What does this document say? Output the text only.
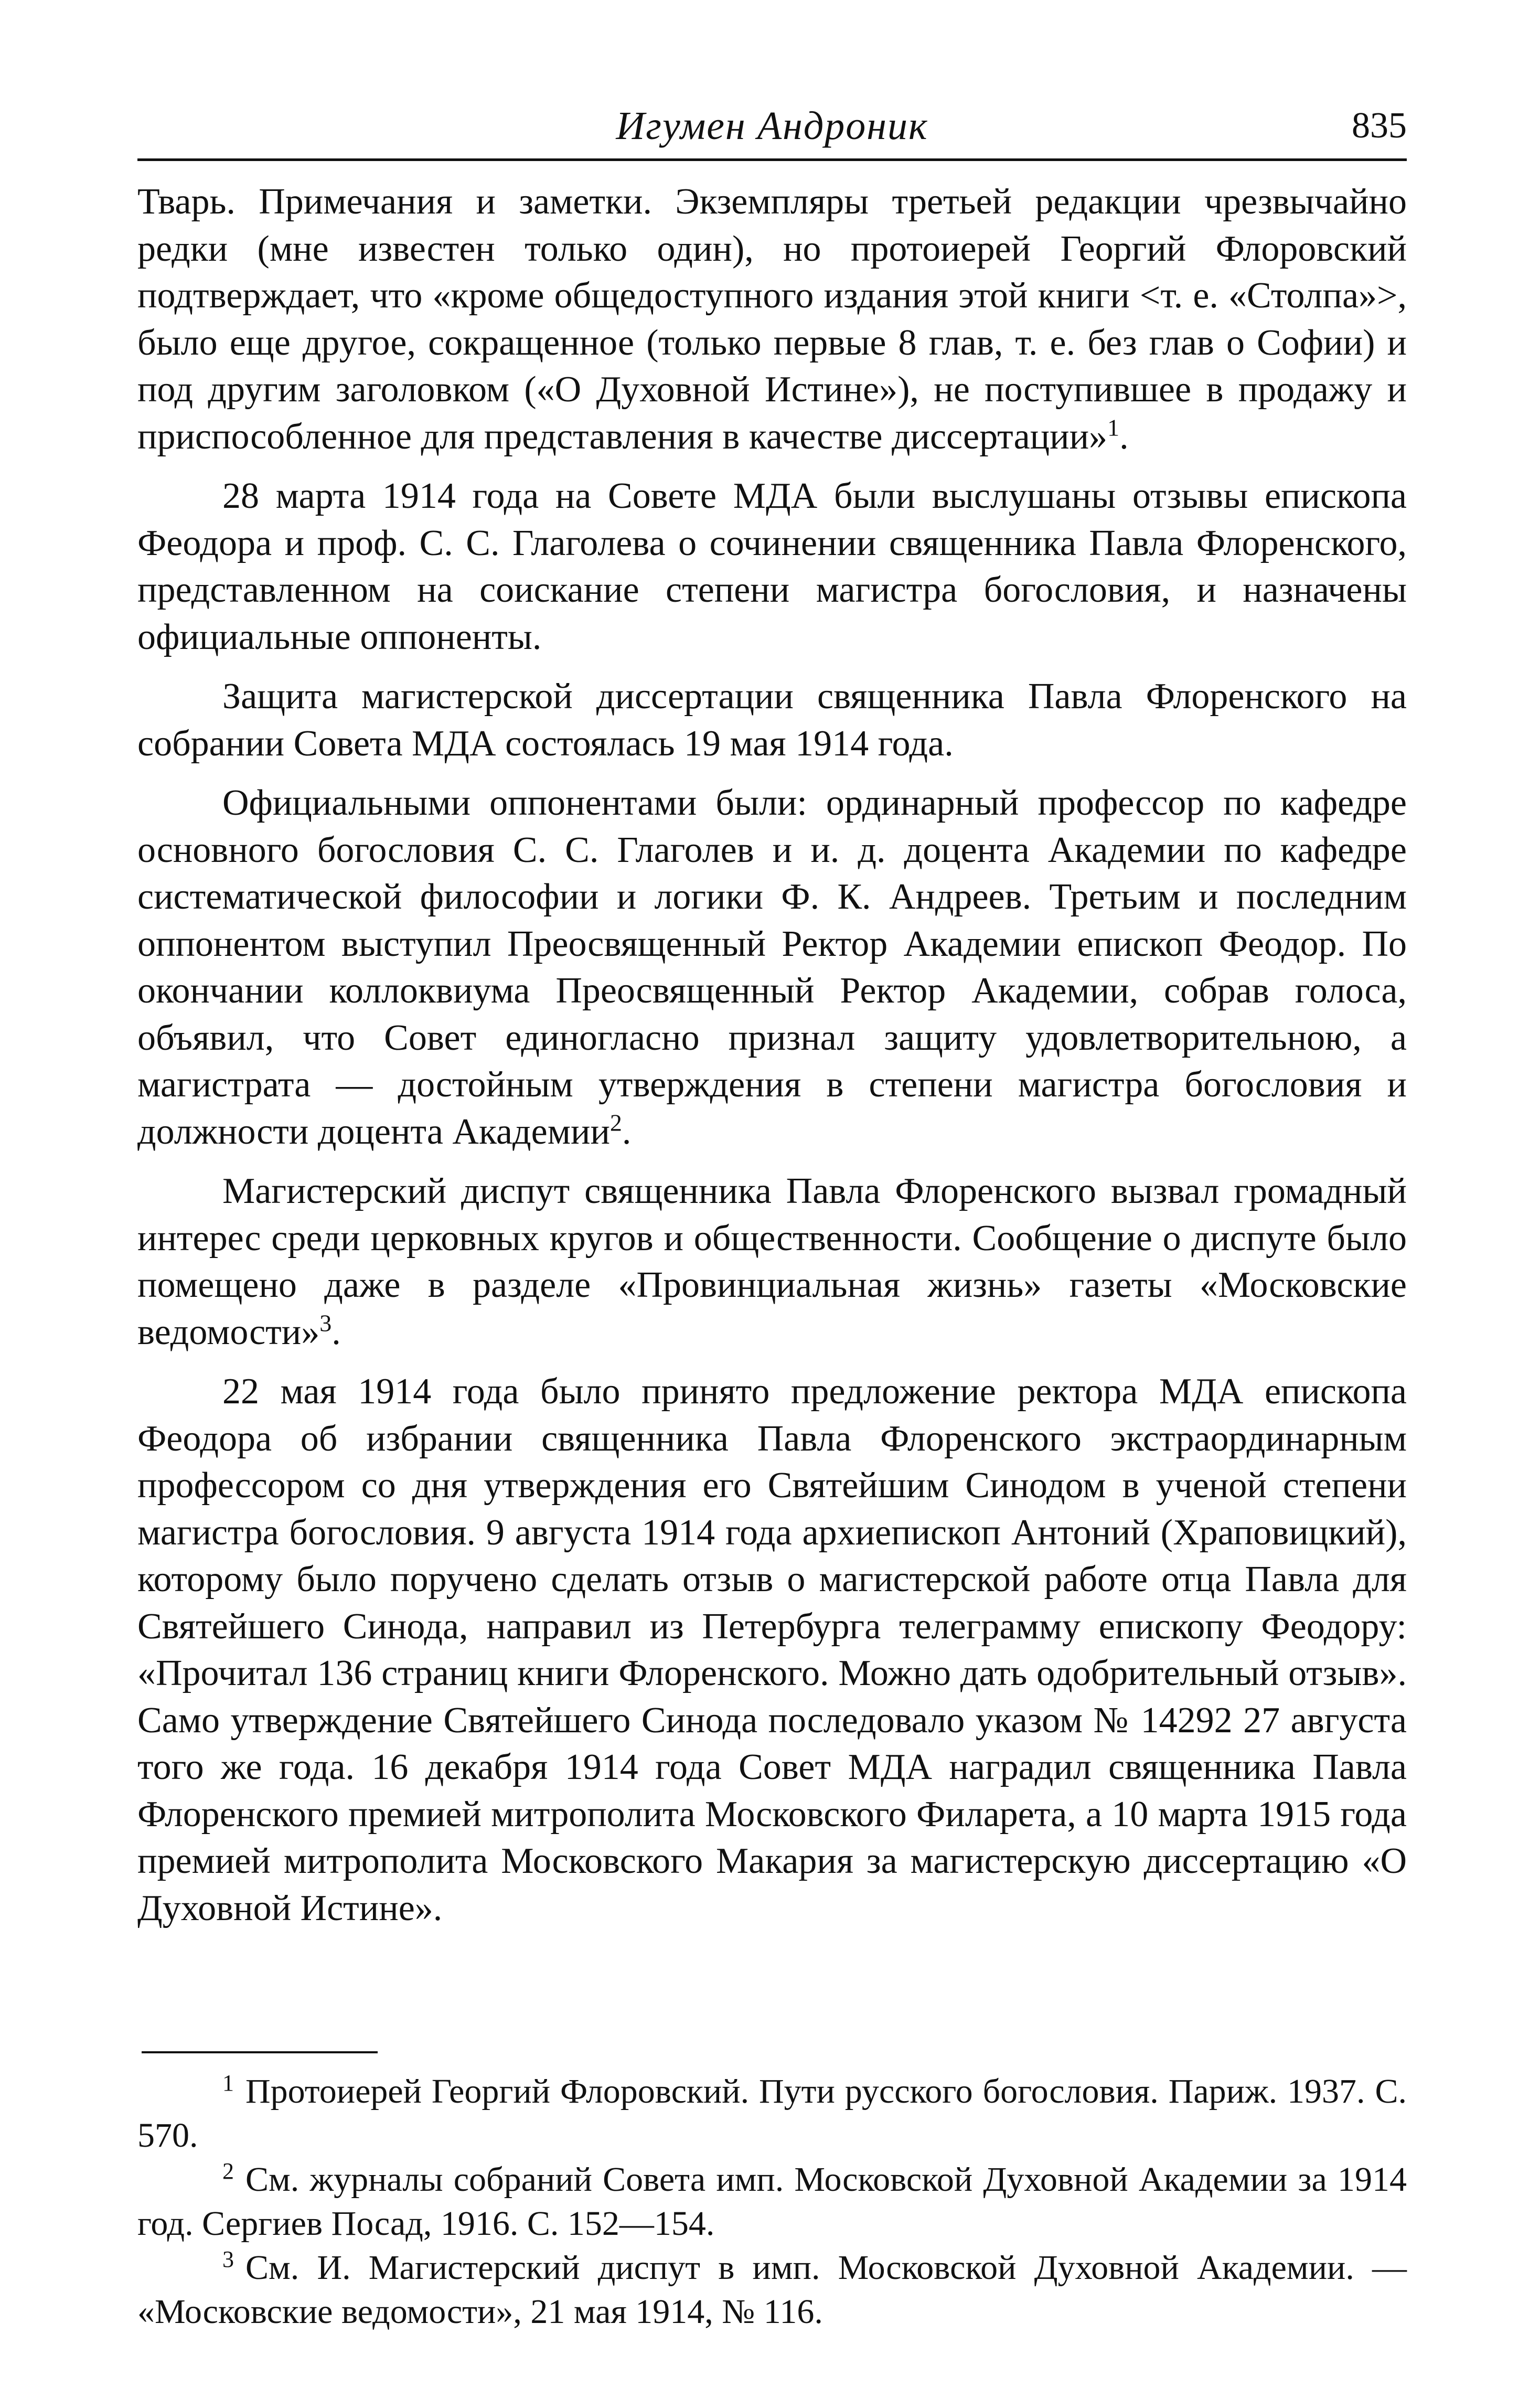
Игумен Андроник	835

Тварь. Примечания и заметки. Экземпляры третьей редакции чрезвычайно редки (мне известен только один), но протоиерей Георгий Флоровский подтверждает, что «кроме общедоступного издания этой книги <т. е. «Столпа»>, было еще другое, сокращенное (только первые 8 глав, т. е. без глав о Софии) и под другим заголовком («О Духовной Истине»), не поступившее в продажу и приспособленное для представления в качестве диссертации»$^1$.

28 марта 1914 года на Совете МДА были выслушаны отзывы епископа Феодора и проф. С. С. Глаголева о сочинении священника Павла Флоренского, представленном на соискание степени магистра богословия, и назначены официальные оппоненты.

Защита магистерской диссертации священника Павла Флоренского на собрании Совета МДА состоялась 19 мая 1914 года.

Официальными оппонентами были: ординарный профессор по кафедре основного богословия С. С. Глаголев и и. д. доцента Академии по кафедре систематической философии и логики Ф. К. Андреев. Третьим и последним оппонентом выступил Преосвященный Ректор Академии епископ Феодор. По окончании коллоквиума Преосвященный Ректор Академии, собрав голоса, объявил, что Совет единогласно признал защиту удовлетворительною, а магистрата — достойным утверждения в степени магистра богословия и должности доцента Академии$^2$.

Магистерский диспут священника Павла Флоренского вызвал громадный интерес среди церковных кругов и общественности. Сообщение о диспуте было помещено даже в разделе «Провинциальная жизнь» газеты «Московские ведомости»$^3$.

22 мая 1914 года было принято предложение ректора МДА епископа Феодора об избрании священника Павла Флоренского экстраординарным профессором со дня утверждения его Святейшим Синодом в ученой степени магистра богословия. 9 августа 1914 года архиепископ Антоний (Храповицкий), которому было поручено сделать отзыв о магистерской работе отца Павла для Святейшего Синода, направил из Петербурга телеграмму епископу Феодору: «Прочитал 136 страниц книги Флоренского. Можно дать одобрительный отзыв». Само утверждение Святейшего Синода последовало указом № 14292 27 августа того же года. 16 декабря 1914 года Совет МДА наградил священника Павла Флоренского премией митрополита Московского Филарета, а 10 марта 1915 года премией митрополита Московского Макария за магистерскую диссертацию «О Духовной Истине».

$^1$ Протоиерей Георгий Флоровский. Пути русского богословия. Париж. 1937. С. 570.

$^2$ См. журналы собраний Совета имп. Московской Духовной Академии за 1914 год. Сергиев Посад, 1916. С. 152—154.

$^3$ См. И. Магистерский диспут в имп. Московской Духовной Академии. — «Московские ведомости», 21 мая 1914, № 116.
